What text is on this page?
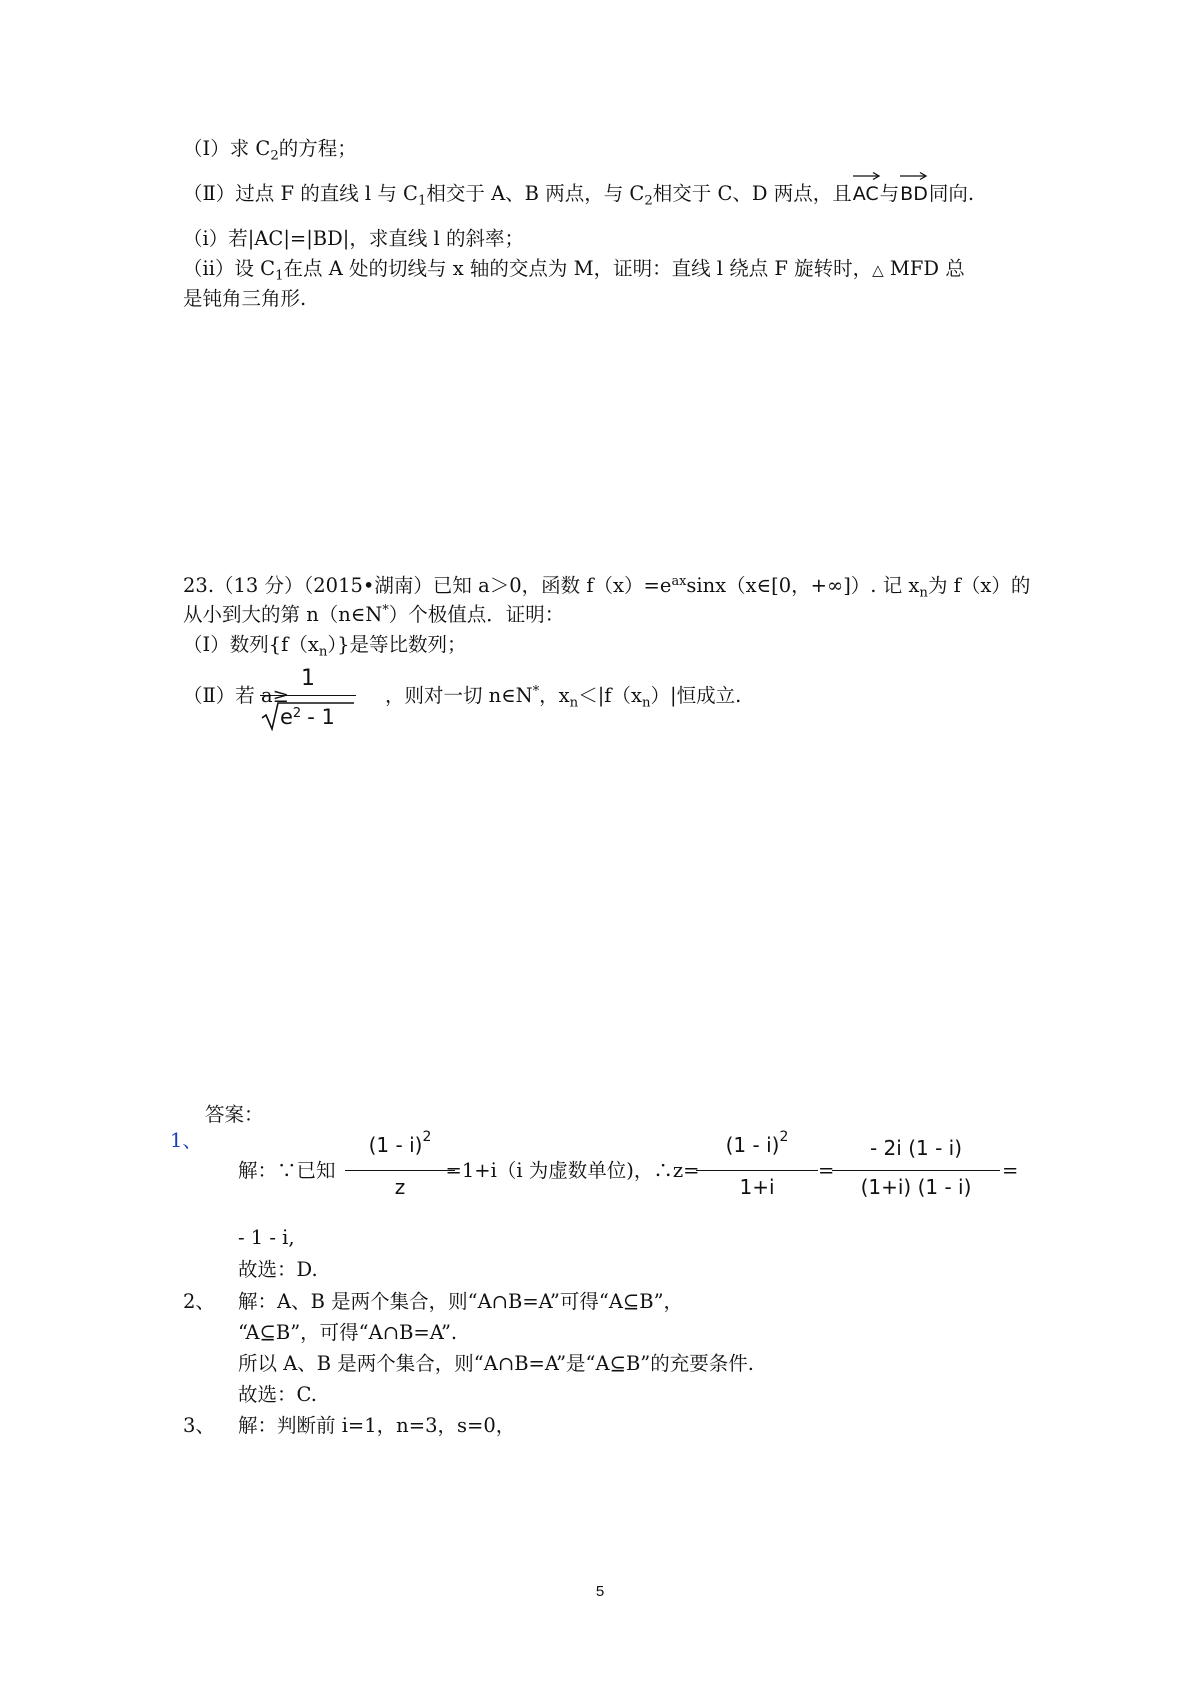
（Ⅰ）求 $C_2$的方程；
（Ⅱ）过点 F 的直线 l 与 $C_1$相交于 A、B 两点，与 $C_2$相交于 C、D 两点，且
AC与
BD同向.
（ⅰ）若|AC|=|BD|，求直线 l 的斜率；
（ⅱ）设 $C_1$在点 A 处的切线与 x 轴的交点为 M，证明：直线 l 绕点 F 旋转时，△ MFD 总
是钝角三角形.
23.（13 分）（2015•湖南）已知 a＞0，函数 $f(x)=e^{ax}\sin x(x\in[0$，+∞]）. 记 $x_n$为 f（x）的
从小到大的第 n（n∈N*）个极值点．证明：
（Ⅰ）数列$\{f(x_n)\}$是等比数列；
（Ⅱ）若 a≥	，则对一切 n∈N*，$x_n<|f(x_n)|$恒成立.
1
$e^2 - 1$
答案：
1、
解：∵已知	=1+i（i 为虚数单位)，∴z=
(1 - i)$^2$
z
(1 - i)$^2$
1+i
=
- 2i (1 - i)
(1+i) (1 - i)
=
- 1 - i,
故选：D.
2、 解：A、B 是两个集合，则“A∩B=A”可得“A⊆B”，
“A⊆B”，可得“A∩B=A”.
所以 A、B 是两个集合，则“A∩B=A”是“A⊆B”的充要条件.
故选：C.
3、 解：判断前 i=1，n=3，s=0，
5
